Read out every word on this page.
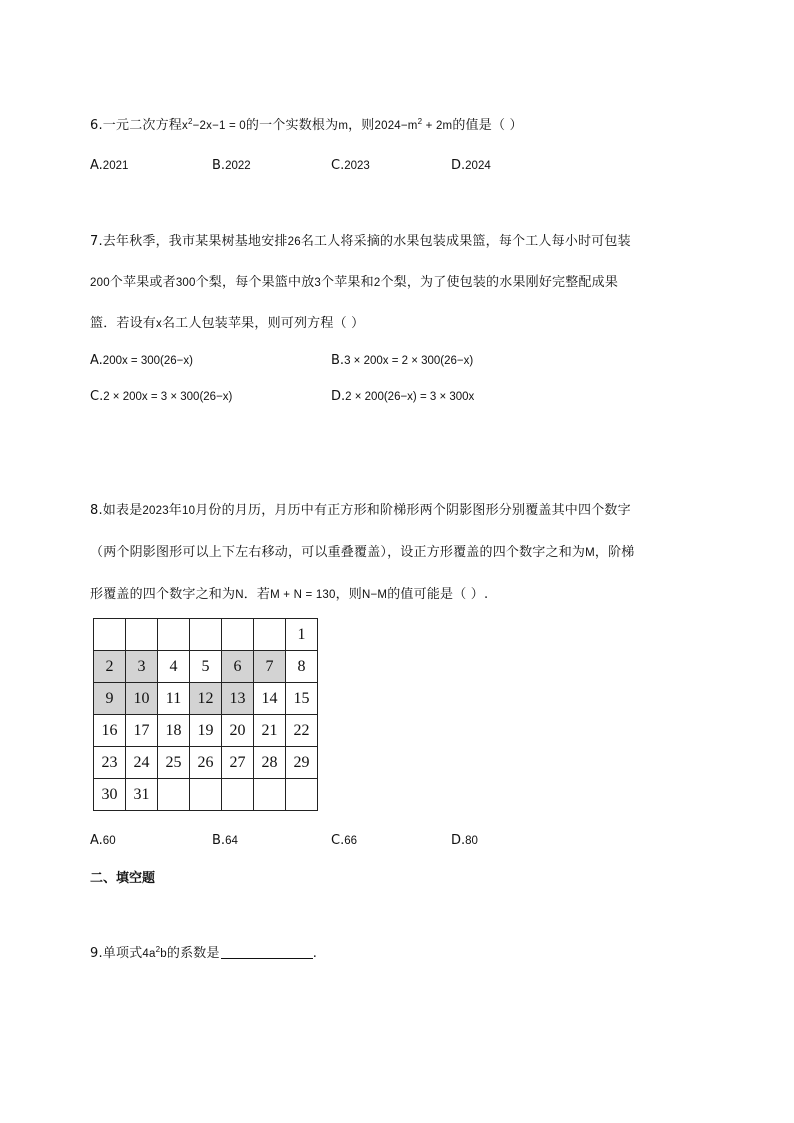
6.一元二次方程$x^2-2x-1 = 0$的一个实数根为m，则$2024-m^2 + 2m$的值是（ ）
A.2021	B.2022	C.2023	D.2024
7.去年秋季，我市某果树基地安排26名工人将采摘的水果包装成果篮，每个工人每小时可包装
200个苹果或者300个梨，每个果篮中放3个苹果和2个梨，为了使包装的水果刚好完整配成果
篮．若设有x名工人包装苹果，则可列方程（ ）
A.200x = 300(26−x)	B.3 × 200x = 2 × 300(26−x)
C.2 × 200x = 3 × 300(26−x)	D.2 × 200(26−x) = 3 × 300x
8.如表是2023年10月份的月历，月历中有正方形和阶梯形两个阴影图形分别覆盖其中四个数字
（两个阴影图形可以上下左右移动，可以重叠覆盖），设正方形覆盖的四个数字之和为M，阶梯
形覆盖的四个数字之和为N．若M + N = 130，则N−M的值可能是（ ）.
						1
2	3	4	5	6	7	8
9	10	11	12	13	14	15
16	17	18	19	20	21	22
23	24	25	26	27	28	29
30	31					
A.60	B.64	C.66	D.80
二、填空题
9.单项式$4a^2b$的系数是	.
